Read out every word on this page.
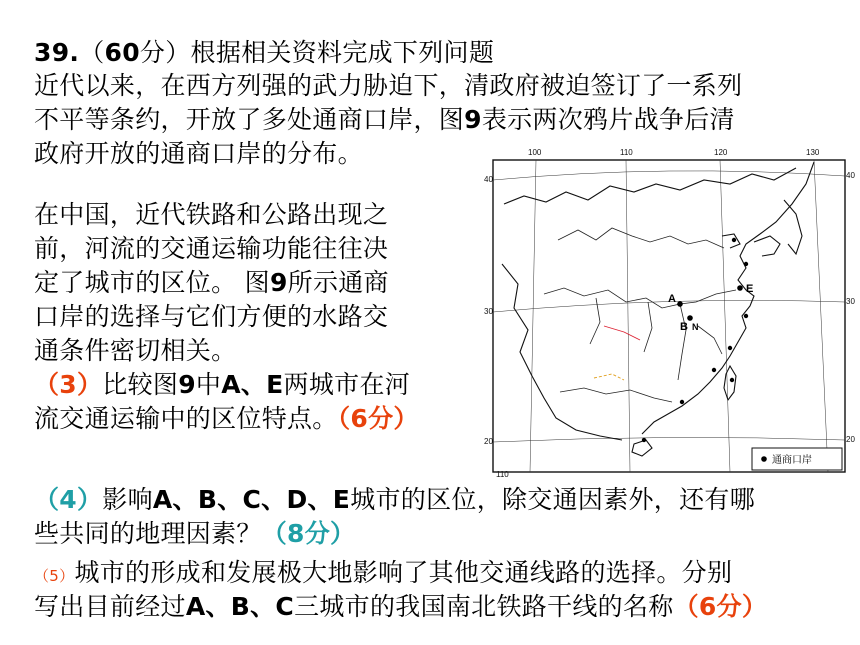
39.（60分）根据相关资料完成下列问题
近代以来，在西方列强的武力胁迫下，清政府被迫签订了一系列
不平等条约，开放了多处通商口岸，图9表示两次鸦片战争后清
政府开放的通商口岸的分布。
在中国，近代铁路和公路出现之
前，河流的交通运输功能往往决
定了城市的区位。 图9所示通商
口岸的选择与它们方便的水路交
通条件密切相关。
（3）比较图9中A、E两城市在河
流交通运输中的区位特点。（6分）
（4）影响A、B、C、D、E城市的区位，除交通因素外，还有哪
些共同的地理因素？（8分）
（5）城市的形成和发展极大地影响了其他交通线路的选择。分别
写出目前经过A、B、C三城市的我国南北铁路干线的名称（6分）
100	110	120	130
110
40
30
20
40
30
20
A
B N
E
通商口岸
